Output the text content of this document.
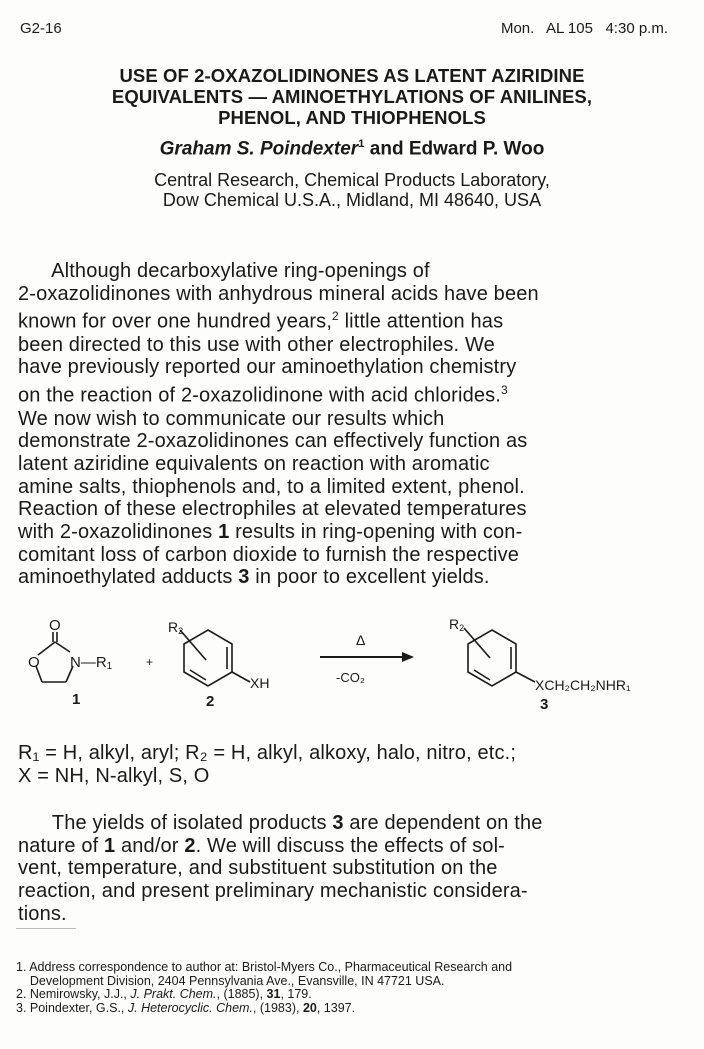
G2-16	Mon.   AL 105   4:30 p.m.
USE OF 2-OXAZOLIDINONES AS LATENT AZIRIDINE
EQUIVALENTS — AMINOETHYLATIONS OF ANILINES,
PHENOL, AND THIOPHENOLS
Graham S. Poindexter$^1$ and Edward P. Woo
Central Research, Chemical Products Laboratory,
Dow Chemical U.S.A., Midland, MI 48640, USA
Although decarboxylative ring-openings of
2-oxazolidinones with anhydrous mineral acids have been
known for over one hundred years,$^2$ little attention has
been directed to this use with other electrophiles. We
have previously reported our aminoethylation chemistry
on the reaction of 2-oxazolidinone with acid chlorides.$^3$
We now wish to communicate our results which
demonstrate 2-oxazolidinones can effectively function as
latent aziridine equivalents on reaction with aromatic
amine salts, thiophenols and, to a limited extent, phenol.
Reaction of these electrophiles at elevated temperatures
with 2-oxazolidinones 1 results in ring-opening with con-
comitant loss of carbon dioxide to furnish the respective
aminoethylated adducts 3 in poor to excellent yields.
O
O N—R1	+
1
R2
XH
2
Δ
-CO₂
R2
XCH₂CH₂NHR₁
3
R₁ = H, alkyl, aryl; R₂ = H, alkyl, alkoxy, halo, nitro, etc.;
X = NH, N-alkyl, S, O
The yields of isolated products 3 are dependent on the
nature of 1 and/or 2. We will discuss the effects of sol-
vent, temperature, and substituent substitution on the
reaction, and present preliminary mechanistic considera-
tions.
1. Address correspondence to author at: Bristol-Myers Co., Pharmaceutical Research and
Development Division, 2404 Pennsylvania Ave., Evansville, IN 47721 USA.
2. Nemirowsky, J.J., J. Prakt. Chem., (1885), 31, 179.
3. Poindexter, G.S., J. Heterocyclic. Chem., (1983), 20, 1397.
